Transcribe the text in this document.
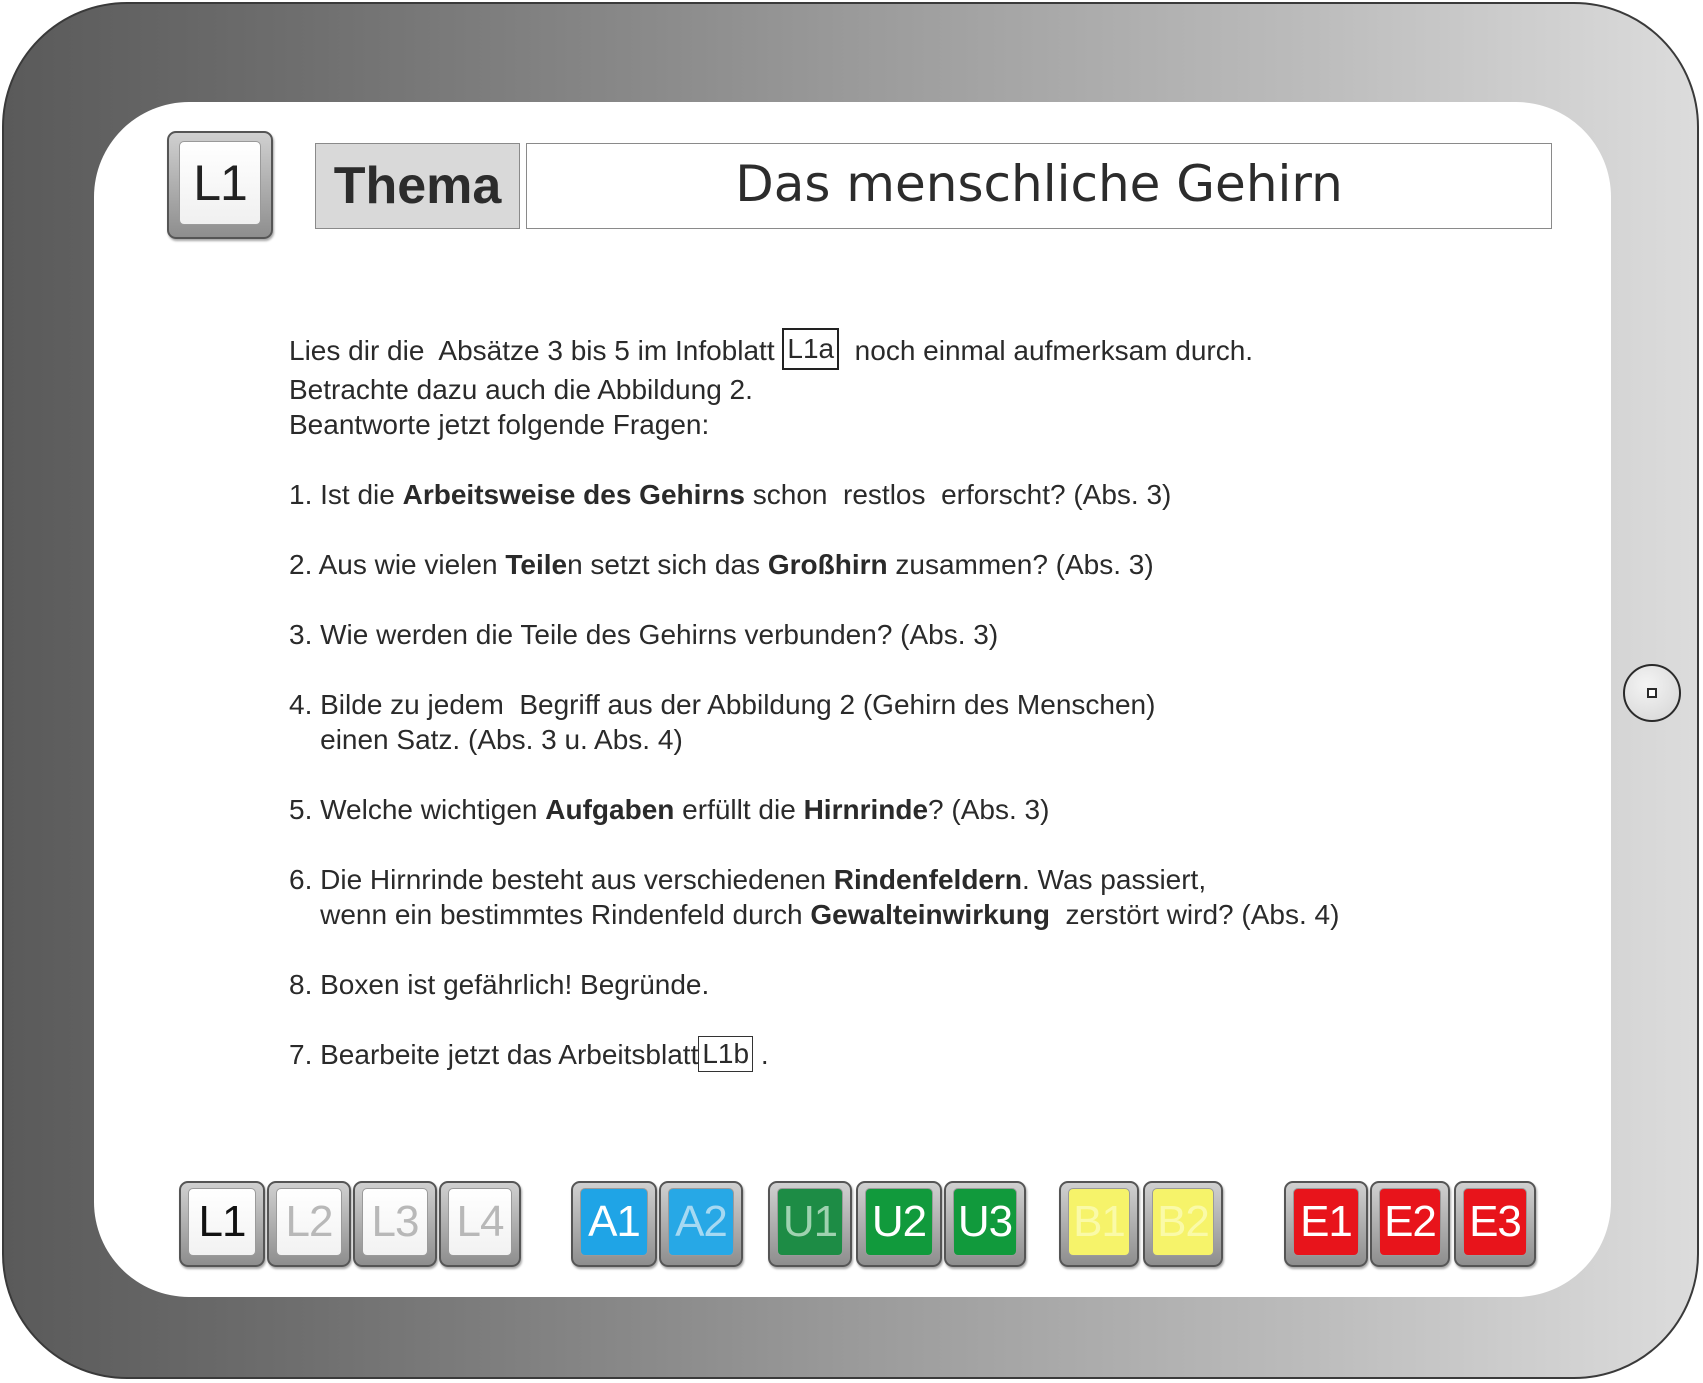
L1	Thema	Das menschliche Gehirn

Lies dir die  Absätze 3 bis 5 im Infoblatt L1a  noch einmal aufmerksam durch.

Betrachte dazu auch die Abbildung 2.

Beantworte jetzt folgende Fragen:

1. Ist die Arbeitsweise des Gehirns schon  restlos  erforscht? (Abs. 3)

2. Aus wie vielen Teilen setzt sich das Großhirn zusammen? (Abs. 3)

3. Wie werden die Teile des Gehirns verbunden? (Abs. 3)

4. Bilde zu jedem  Begriff aus der Abbildung 2 (Gehirn des Menschen)

einen Satz. (Abs. 3 u. Abs. 4)

5. Welche wichtigen Aufgaben erfüllt die Hirnrinde? (Abs. 3)

6. Die Hirnrinde besteht aus verschiedenen Rindenfeldern. Was passiert,

wenn ein bestimmtes Rindenfeld durch Gewalteinwirkung  zerstört wird? (Abs. 4)

8. Boxen ist gefährlich! Begründe.

7. Bearbeite jetzt das Arbeitsblatt L1b .

L1 L2 L3 L4 A1 A2 U1 U2 U3 B1 B2 E1 E2 E3
